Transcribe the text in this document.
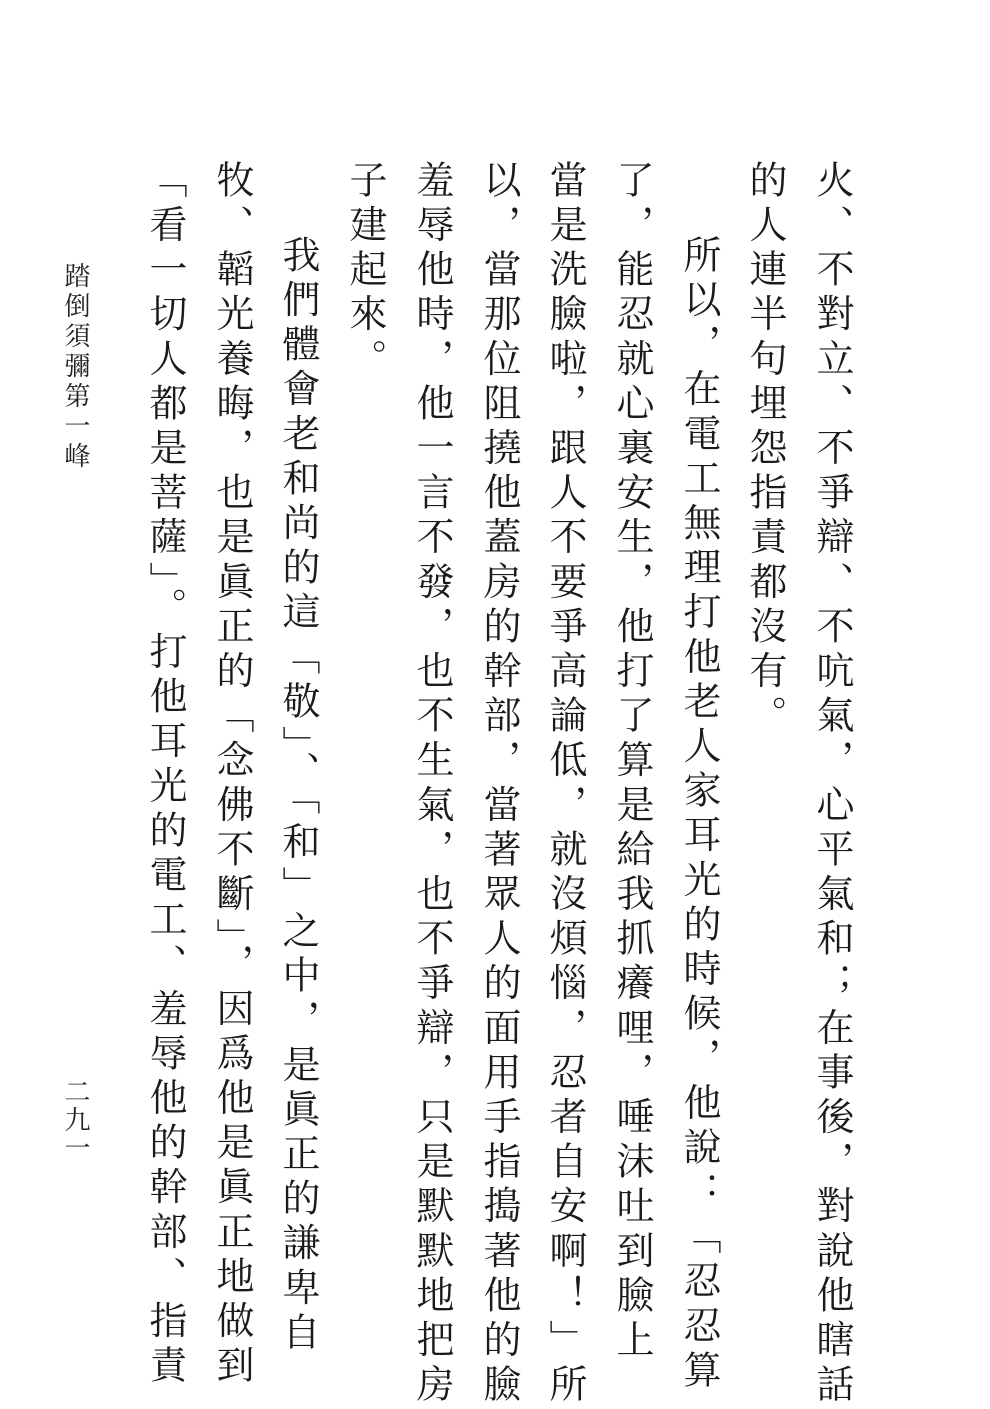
火、不對立、不爭辯、不吭氣，心平氣和；在事後，對說他瞎話
的人連半句埋怨指責都沒有。
所以，在電工無理打他老人家耳光的時候，他說：「忍忍算
了，能忍就心裏安生，他打了算是給我抓癢哩，唾沫吐到臉上
當是洗臉啦，跟人不要爭高論低，就沒煩惱，忍者自安啊！」所
以，當那位阻撓他蓋房的幹部，當著眾人的面用手指搗著他的臉
羞辱他時，他一言不發，也不生氣，也不爭辯，只是默默地把房
子建起來。
我們體會老和尚的這「敬」、「和」之中，是眞正的謙卑自
牧、韜光養晦，也是眞正的「念佛不斷」，因爲他是眞正地做到
「看一切人都是菩薩」。打他耳光的電工、羞辱他的幹部、指責
踏倒須彌第一峰
二九一
